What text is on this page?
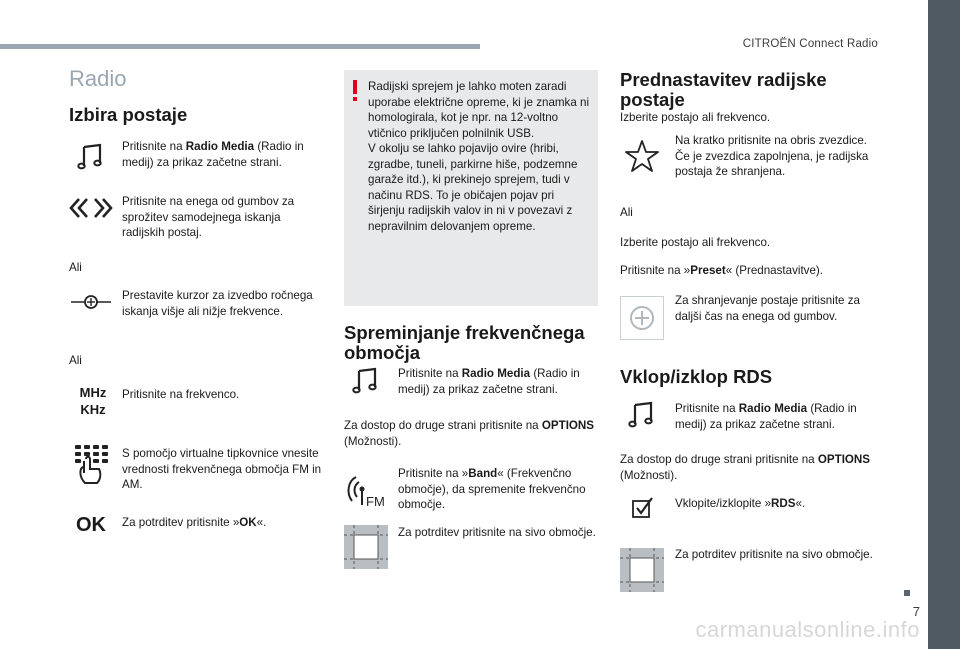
CITROËN Connect Radio
7
carmanualsonline.info
Radio
Izbira postaje
Pritisnite na Radio Media (Radio in medij) za prikaz začetne strani.
Pritisnite na enega od gumbov za sprožitev samodejnega iskanja radijskih postaj.
Ali
Prestavite kurzor za izvedbo ročnega iskanja višje ali nižje frekvence.
Ali
MHz
KHz
Pritisnite na frekvenco.
S pomočjo virtualne tipkovnice vnesite vrednosti frekvenčnega območja FM in AM.
OK	Za potrditev pritisnite »OK«.
Radijski sprejem je lahko moten zaradi uporabe električne opreme, ki je znamka ni homologirala, kot je npr. na 12-voltno vtičnico priključen polnilnik USB.
V okolju se lahko pojavijo ovire (hribi, zgradbe, tuneli, parkirne hiše, podzemne garaže itd.), ki prekinejo sprejem, tudi v načinu RDS. To je običajen pojav pri širjenju radijskih valov in ni v povezavi z nepravilnim delovanjem opreme.
Spreminjanje frekvenčnega
območja
Pritisnite na Radio Media (Radio in medij) za prikaz začetne strani.
Za dostop do druge strani pritisnite na OPTIONS (Možnosti).
FM
Pritisnite na »Band« (Frekvenčno območje), da spremenite frekvenčno območje.
Za potrditev pritisnite na sivo območje.
Prednastavitev radijske
postaje
Izberite postajo ali frekvenco.
Na kratko pritisnite na obris zvezdice. Če je zvezdica zapolnjena, je radijska postaja že shranjena.
Ali
Izberite postajo ali frekvenco.
Pritisnite na »Preset« (Prednastavitve).
Za shranjevanje postaje pritisnite za daljši čas na enega od gumbov.
Vklop/izklop RDS
Pritisnite na Radio Media (Radio in medij) za prikaz začetne strani.
Za dostop do druge strani pritisnite na OPTIONS (Možnosti).
Vklopite/izklopite »RDS«.
Za potrditev pritisnite na sivo območje.
